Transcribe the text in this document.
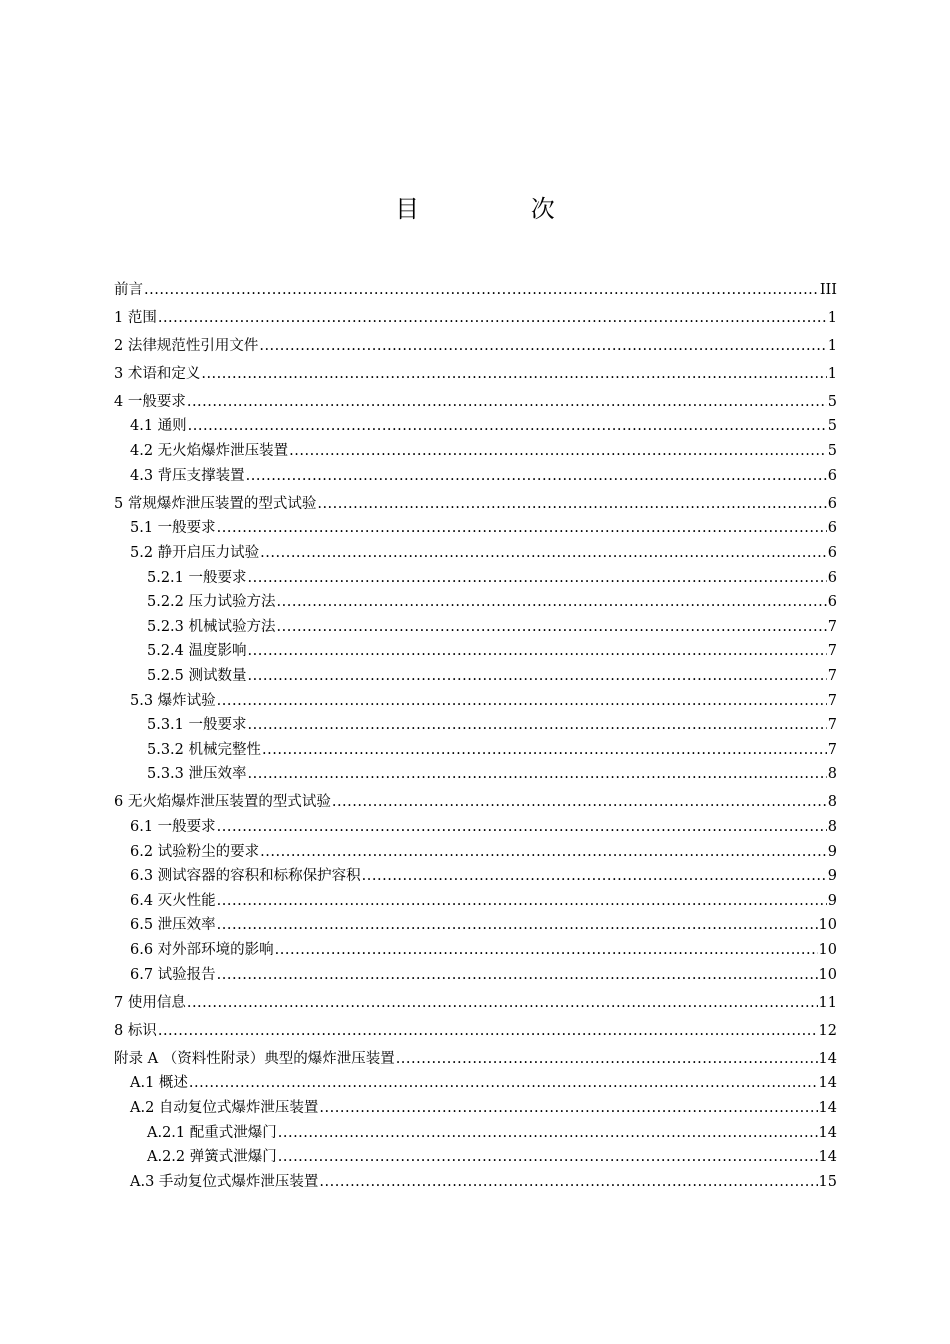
目 次
前言 .....	III
1 范围 .....	1
2 法律规范性引用文件 .....	1
3 术语和定义 .....	1
4 一般要求 .....	5
4.1 通则 .....	5
4.2 无火焰爆炸泄压装置 .....	5
4.3 背压支撑装置 .....	6
5 常规爆炸泄压装置的型式试验 .....	6
5.1 一般要求 .....	6
5.2 静开启压力试验 .....	6
5.2.1 一般要求 .....	6
5.2.2 压力试验方法 .....	6
5.2.3 机械试验方法 .....	7
5.2.4 温度影响 .....	7
5.2.5 测试数量 .....	7
5.3 爆炸试验 .....	7
5.3.1 一般要求 .....	7
5.3.2 机械完整性 .....	7
5.3.3 泄压效率 .....	8
6 无火焰爆炸泄压装置的型式试验 .....	8
6.1 一般要求 .....	8
6.2 试验粉尘的要求 .....	9
6.3 测试容器的容积和标称保护容积 .....	9
6.4 灭火性能 .....	9
6.5 泄压效率 .....	10
6.6 对外部环境的影响 .....	10
6.7 试验报告 .....	10
7 使用信息 .....	11
8 标识 .....	12
附录 A （资料性附录）典型的爆炸泄压装置 .....	14
A.1 概述 .....	14
A.2 自动复位式爆炸泄压装置 .....	14
A.2.1 配重式泄爆门 .....	14
A.2.2 弹簧式泄爆门 .....	14
A.3 手动复位式爆炸泄压装置 .....	15
